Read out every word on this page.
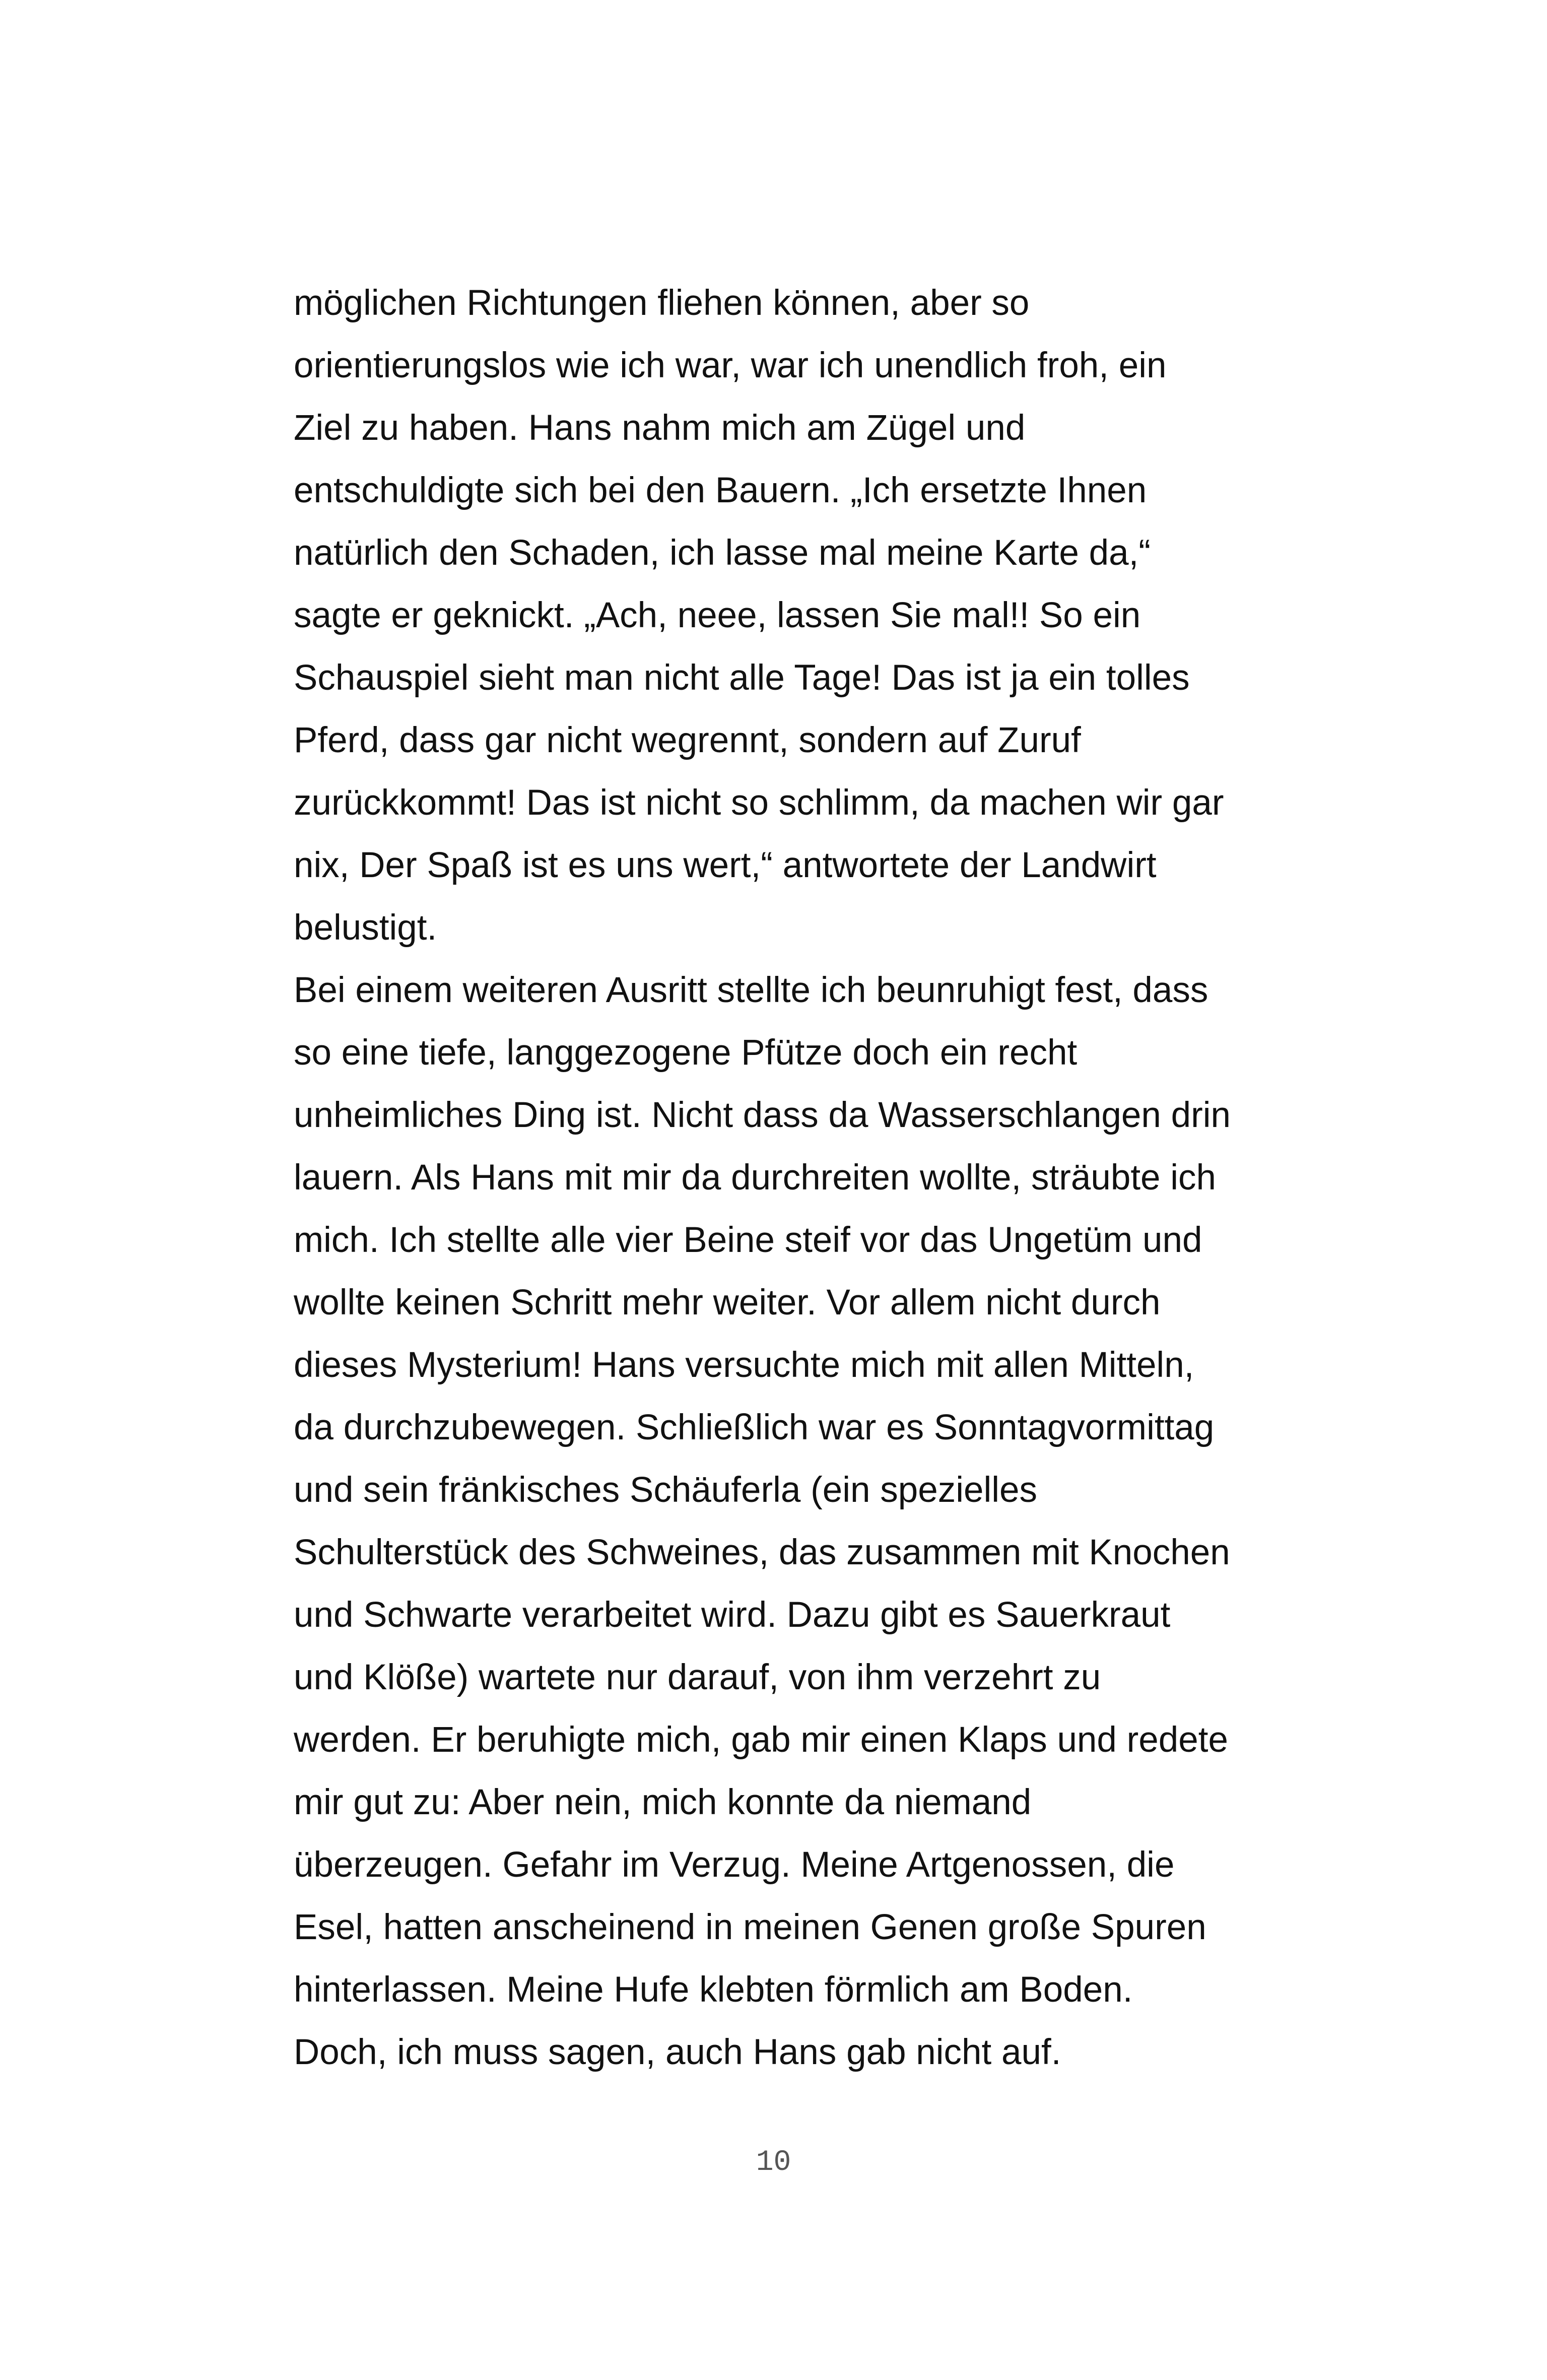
möglichen Richtungen fliehen können, aber so
orientierungslos wie ich war, war ich unendlich froh, ein
Ziel zu haben. Hans nahm mich am Zügel und
entschuldigte sich bei den Bauern. „Ich ersetzte Ihnen
natürlich den Schaden, ich lasse mal meine Karte da,“
sagte er geknickt. „Ach, neee, lassen Sie mal!! So ein
Schauspiel sieht man nicht alle Tage! Das ist ja ein tolles
Pferd, dass gar nicht wegrennt, sondern auf Zuruf
zurückkommt! Das ist nicht so schlimm, da machen wir gar
nix, Der Spaß ist es uns wert,“ antwortete der Landwirt
belustigt.
Bei einem weiteren Ausritt stellte ich beunruhigt fest, dass
so eine tiefe, langgezogene Pfütze doch ein recht
unheimliches Ding ist. Nicht dass da Wasserschlangen drin
lauern. Als Hans mit mir da durchreiten wollte, sträubte ich
mich. Ich stellte alle vier Beine steif vor das Ungetüm und
wollte keinen Schritt mehr weiter. Vor allem nicht durch
dieses Mysterium! Hans versuchte mich mit allen Mitteln,
da durchzubewegen. Schließlich war es Sonntagvormittag
und sein fränkisches Schäuferla (ein spezielles
Schulterstück des Schweines, das zusammen mit Knochen
und Schwarte verarbeitet wird. Dazu gibt es Sauerkraut
und Klöße) wartete nur darauf, von ihm verzehrt zu
werden. Er beruhigte mich, gab mir einen Klaps und redete
mir gut zu: Aber nein, mich konnte da niemand
überzeugen. Gefahr im Verzug. Meine Artgenossen, die
Esel, hatten anscheinend in meinen Genen große Spuren
hinterlassen. Meine Hufe klebten förmlich am Boden.
Doch, ich muss sagen, auch Hans gab nicht auf.
10
